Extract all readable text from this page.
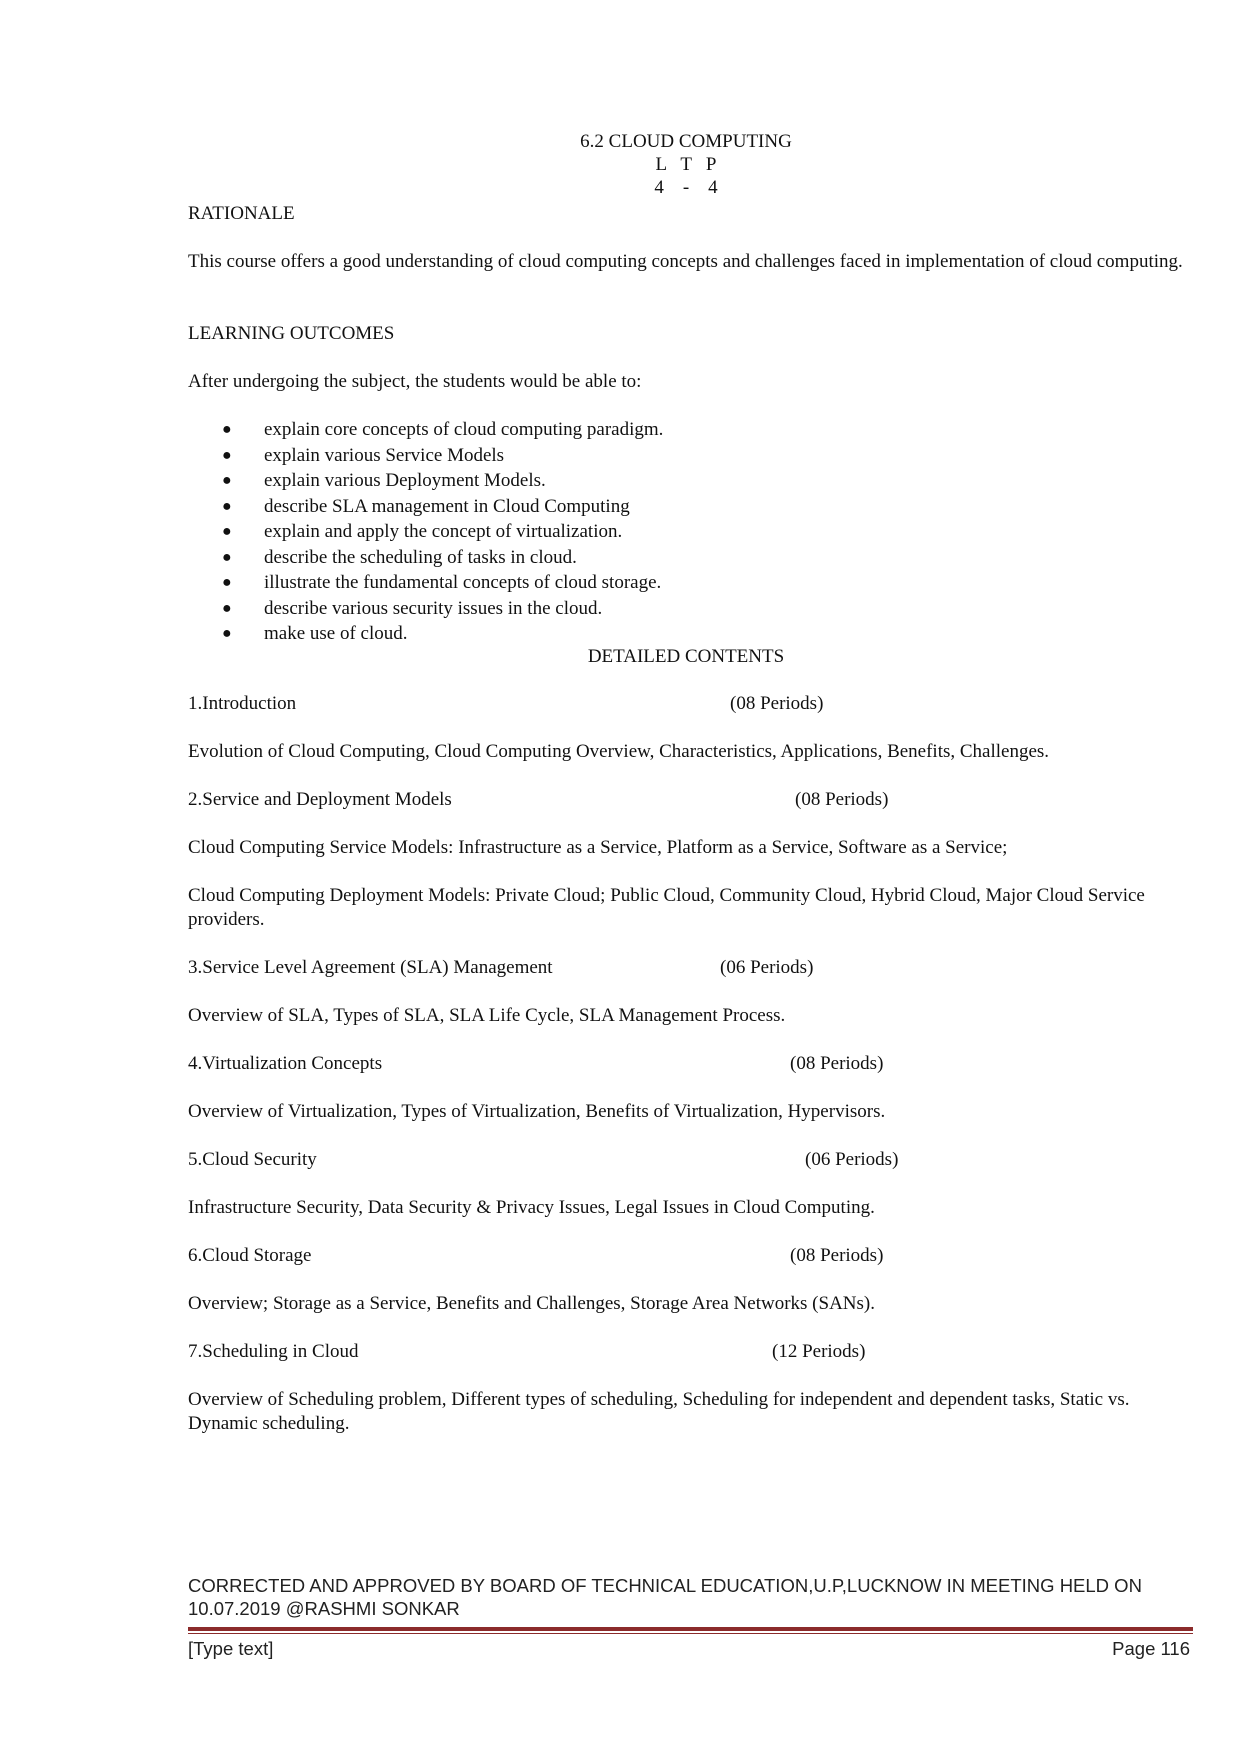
6.2 CLOUD COMPUTING
L   T   P
4    -    4
RATIONALE
This course offers a good understanding of cloud computing concepts and challenges faced in implementation of cloud computing.
LEARNING OUTCOMES
After undergoing the subject, the students would be able to:
● explain core concepts of cloud computing paradigm.
● explain various Service Models
● explain various Deployment Models.
● describe SLA management in Cloud Computing
● explain and apply the concept of virtualization.
● describe the scheduling of tasks in cloud.
● illustrate the fundamental concepts of cloud storage.
● describe various security issues in the cloud.
● make use of cloud.
DETAILED CONTENTS
1.Introduction	(08 Periods)
Evolution of Cloud Computing, Cloud Computing Overview, Characteristics, Applications, Benefits, Challenges.
2.Service and Deployment Models	(08 Periods)
Cloud Computing Service Models: Infrastructure as a Service, Platform as a Service, Software as a Service;
Cloud Computing Deployment Models: Private Cloud; Public Cloud, Community Cloud, Hybrid Cloud, Major Cloud Service providers.
3.Service Level Agreement (SLA) Management	(06 Periods)
Overview of SLA, Types of SLA, SLA Life Cycle, SLA Management Process.
4.Virtualization Concepts	(08 Periods)
Overview of Virtualization, Types of Virtualization, Benefits of Virtualization, Hypervisors.
5.Cloud Security	(06 Periods)
Infrastructure Security, Data Security & Privacy Issues, Legal Issues in Cloud Computing.
6.Cloud Storage	(08 Periods)
Overview; Storage as a Service, Benefits and Challenges, Storage Area Networks (SANs).
7.Scheduling in Cloud	(12 Periods)
Overview of Scheduling problem, Different types of scheduling, Scheduling for independent and dependent tasks, Static vs. Dynamic scheduling.
CORRECTED AND APPROVED BY BOARD OF TECHNICAL EDUCATION,U.P,LUCKNOW IN MEETING HELD ON
10.07.2019 @RASHMI SONKAR
[Type text]	Page 116
